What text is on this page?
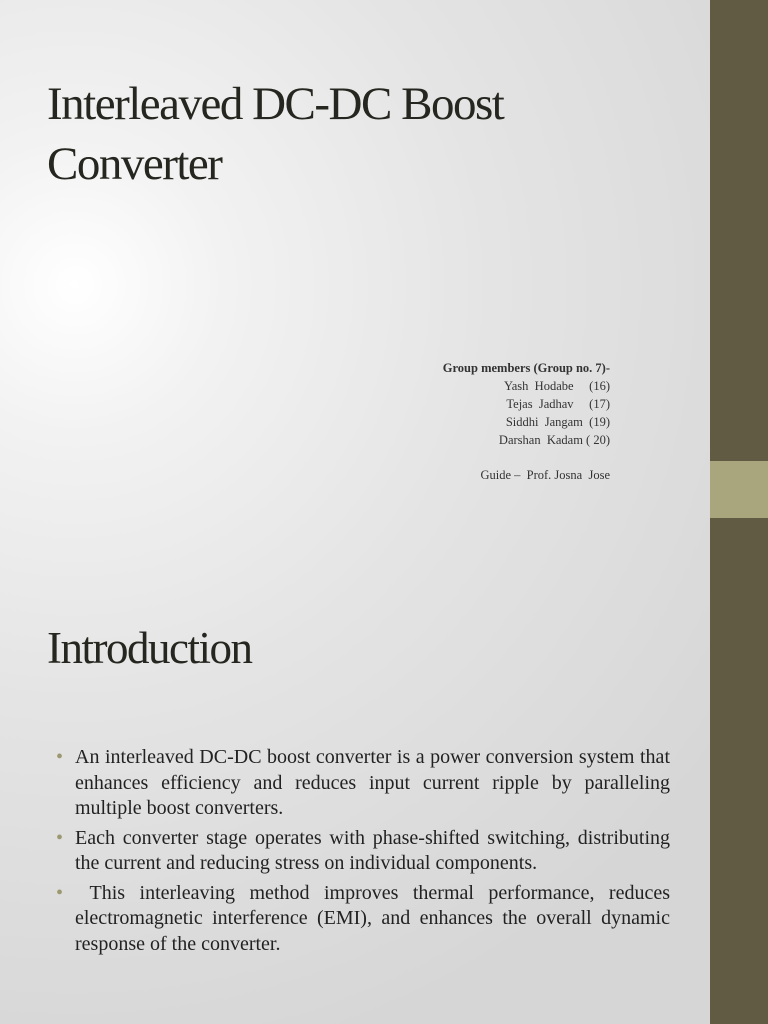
Interleaved DC-DC Boost Converter
Group members (Group no. 7)-
Yash  Hodabe     (16)
Tejas  Jadhav     (17)
Siddhi  Jangam  (19)
Darshan  Kadam ( 20)
Guide –  Prof. Josna  Jose
Introduction
• An interleaved DC-DC boost converter is a power conversion system that enhances efficiency and reduces input current ripple by paralleling multiple boost converters.
• Each converter stage operates with phase-shifted switching, distributing the current and reducing stress on individual components.
• This interleaving method improves thermal performance, reduces electromagnetic interference (EMI), and enhances the overall dynamic response of the converter.
